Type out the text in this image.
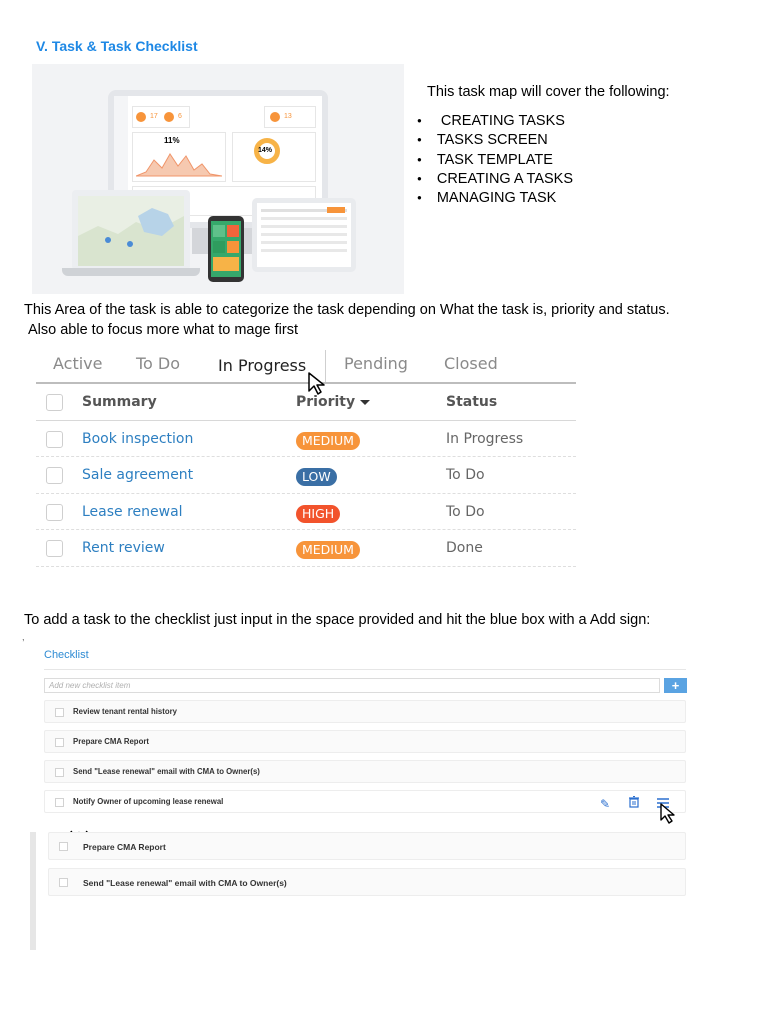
V. Task & Task Checklist
17	6	13
11%
14%
This task map will cover the following:
● CREATING TASKS
● TASKS SCREEN
● TASK TEMPLATE
● CREATING A TASKS
● MANAGING TASK
This Area of the task is able to categorize the task depending on What the task is, priority and status.
Also able to focus more what to mage first
Active To Do In Progress Pending Closed
Summary	Priority	Status
Book inspection	MEDIUM	In Progress
Sale agreement	LOW	To Do
Lease renewal	HIGH	To Do
Rent review	MEDIUM	Done
To add a task to the checklist just input in the space provided and hit the blue box with a Add sign:
,
Checklist
Add new checklist item	+
Review tenant rental history
Prepare CMA Report
Send "Lease renewal" email with CMA to Owner(s)
Notify Owner of upcoming lease renewal	✎
Prepare CMA Report
Send "Lease renewal" email with CMA to Owner(s)
